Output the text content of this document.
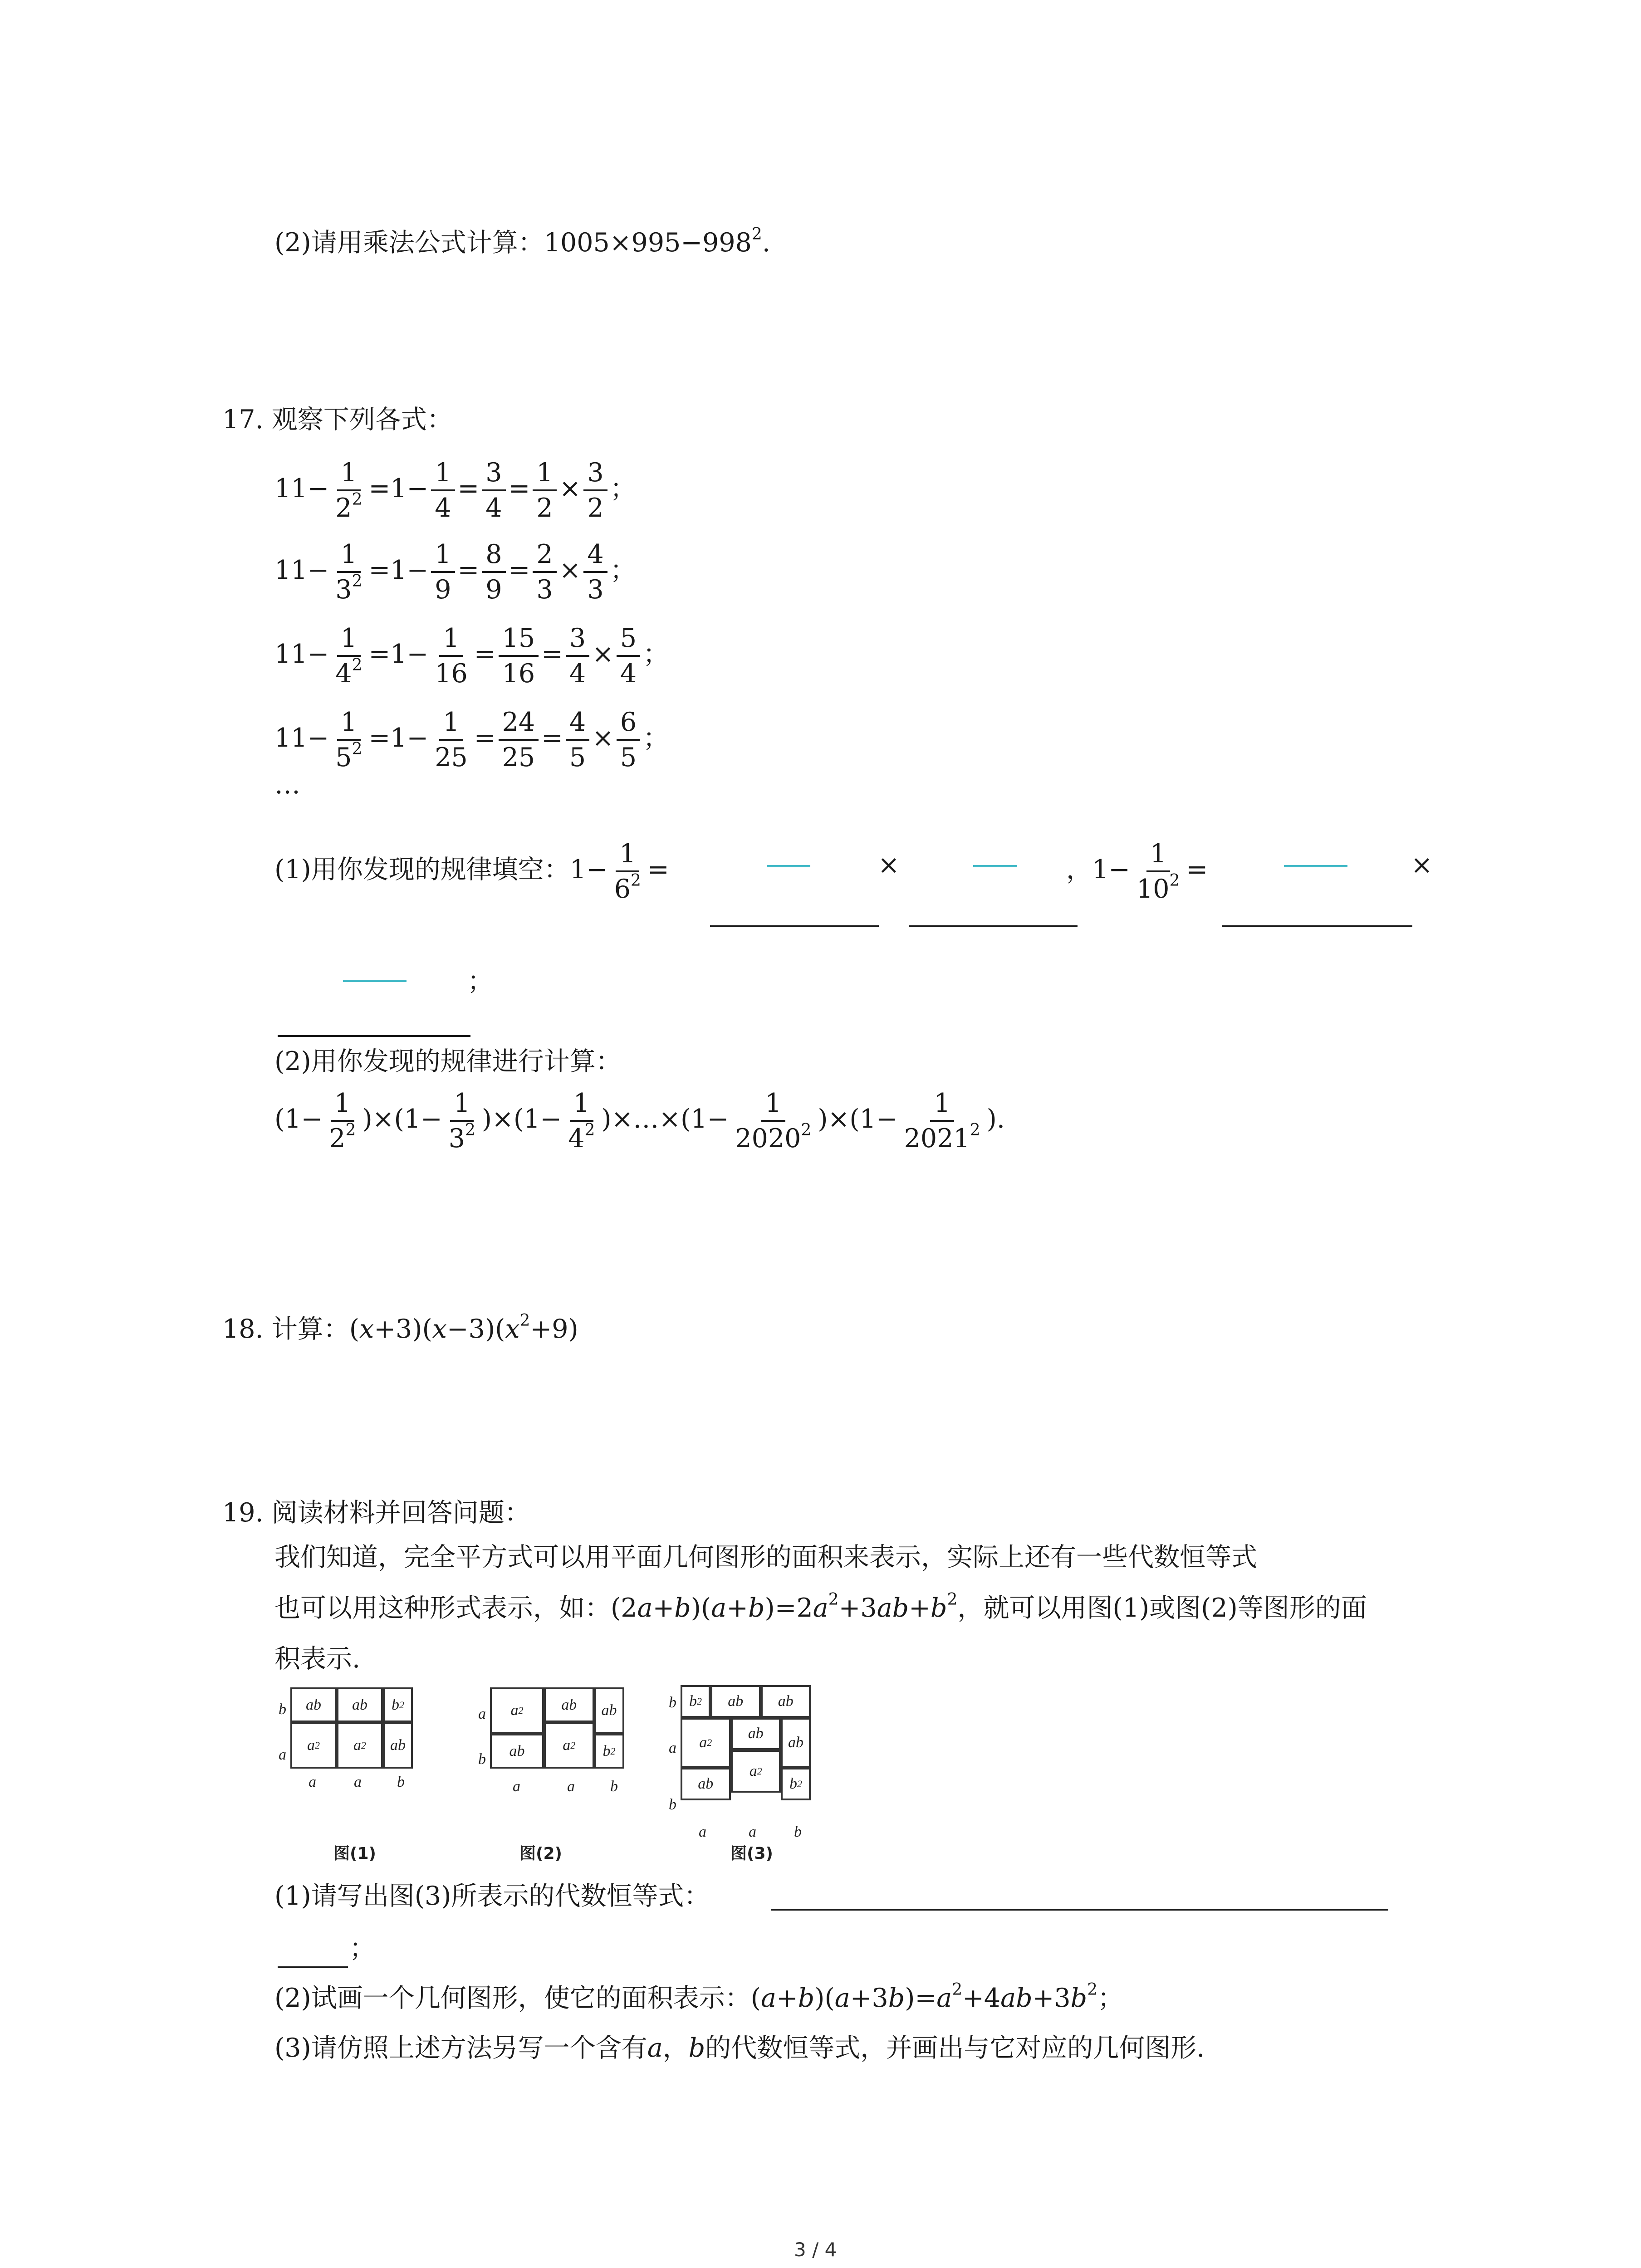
(2)请用乘法公式计算：$1005\times 995-998^2$.
17. 观察下列各式：
$11- \frac{1}{2^2} =1- \frac{1}{4} = \frac{3}{4} = \frac{1}{2} \times \frac{3}{2}$ ；
$11- \frac{1}{3^2} =1- \frac{1}{9} = \frac{8}{9} = \frac{2}{3} \times \frac{4}{3}$ ；
$11- \frac{1}{4^2} =1- \frac{1}{16} = \frac{15}{16} = \frac{3}{4} \times \frac{5}{4}$ ；
$11- \frac{1}{5^2} =1- \frac{1}{25} = \frac{24}{25} = \frac{4}{5} \times \frac{6}{5}$ ；
…
(1)用你发现的规律填空：$1- \frac{1}{6^2}$ =	×	，$1- \frac{1}{10^2}$ =	×
；
(2)用你发现的规律进行计算：
$(1- \frac{1}{2^2} )\times(1- \frac{1}{3^2} )\times(1- \frac{1}{4^2}$ )×…×(1− $\frac{1}{2020^2} )\times(1- \frac{1}{2021^2}$ ).
18. 计算：$(x+3)(x-3)(x^2+9)$
19. 阅读材料并回答问题：
我们知道，完全平方式可以用平面几何图形的面积来表示，实际上还有一些代数恒等式
也可以用这种形式表示，如：$(2a+b)(a+b)=2a^2+3ab+b^2$，就可以用图(1)或图(2)等图形的面
积表示.
ab	ab	b 2
a 2	a 2	ab
a a b
b
a
a 2	ab
a 2
ab
ab
b 2
a	a b
a
b
b 2	ab	ab
a 2
ab
ab
a 2
ab	b 2
a	a b
b
a
b
图(1)	图(2)	图(3)
(1)请写出图(3)所表示的代数恒等式：
；
(2)试画一个几何图形，使它的面积表示：$(a+b)(a+3b)=a^2+4ab+3b^2$；
(3)请仿照上述方法另写一个含有a，b的代数恒等式，并画出与它对应的几何图形.
3 / 4
